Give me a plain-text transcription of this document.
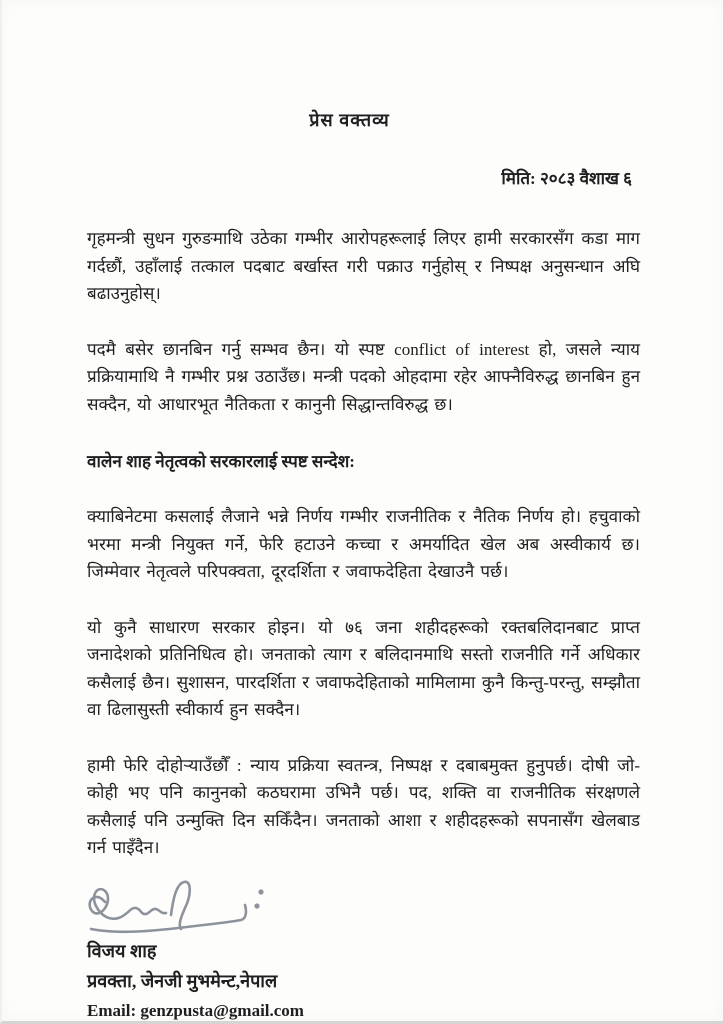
प्रेस वक्तव्य
मिति: २०८३ वैशाख ६

गृहमन्त्री सुधन गुरुङमाथि उठेका गम्भीर आरोपहरूलाई लिएर हामी सरकारसँग कडा माग गर्दछौं, उहाँलाई तत्काल पदबाट बर्खास्त गरी पक्राउ गर्नुहोस् र निष्पक्ष अनुसन्धान अघि बढाउनुहोस्।

पदमै बसेर छानबिन गर्नु सम्भव छैन। यो स्पष्ट conflict of interest हो, जसले न्याय प्रक्रियामाथि नै गम्भीर प्रश्न उठाउँछ। मन्त्री पदको ओहदामा रहेर आफ्नैविरुद्ध छानबिन हुन सक्दैन, यो आधारभूत नैतिकता र कानुनी सिद्धान्तविरुद्ध छ।

वालेन शाह नेतृत्वको सरकारलाई स्पष्ट सन्देश:

क्याबिनेटमा कसलाई लैजाने भन्ने निर्णय गम्भीर राजनीतिक र नैतिक निर्णय हो। हचुवाको भरमा मन्त्री नियुक्त गर्ने, फेरि हटाउने कच्चा र अमर्यादित खेल अब अस्वीकार्य छ। जिम्मेवार नेतृत्वले परिपक्वता, दूरदर्शिता र जवाफदेहिता देखाउनै पर्छ।

यो कुनै साधारण सरकार होइन। यो ७६ जना शहीदहरूको रक्तबलिदानबाट प्राप्त जनादेशको प्रतिनिधित्व हो। जनताको त्याग र बलिदानमाथि सस्तो राजनीति गर्ने अधिकार कसैलाई छैन। सुशासन, पारदर्शिता र जवाफदेहिताको मामिलामा कुनै किन्तु-परन्तु, सम्झौता वा ढिलासुस्ती स्वीकार्य हुन सक्दैन।

हामी फेरि दोहोऱ्याउँछौँ : न्याय प्रक्रिया स्वतन्त्र, निष्पक्ष र दबाबमुक्त हुनुपर्छ। दोषी जो-कोही भए पनि कानुनको कठघरामा उभिनै पर्छ। पद, शक्ति वा राजनीतिक संरक्षणले कसैलाई पनि उन्मुक्ति दिन सकिँदैन। जनताको आशा र शहीदहरूको सपनासँग खेलबाड गर्न पाइँदैन।

विजय शाह
प्रवक्ता, जेनजी मुभमेन्ट,नेपाल
Email: genzpusta@gmail.com
